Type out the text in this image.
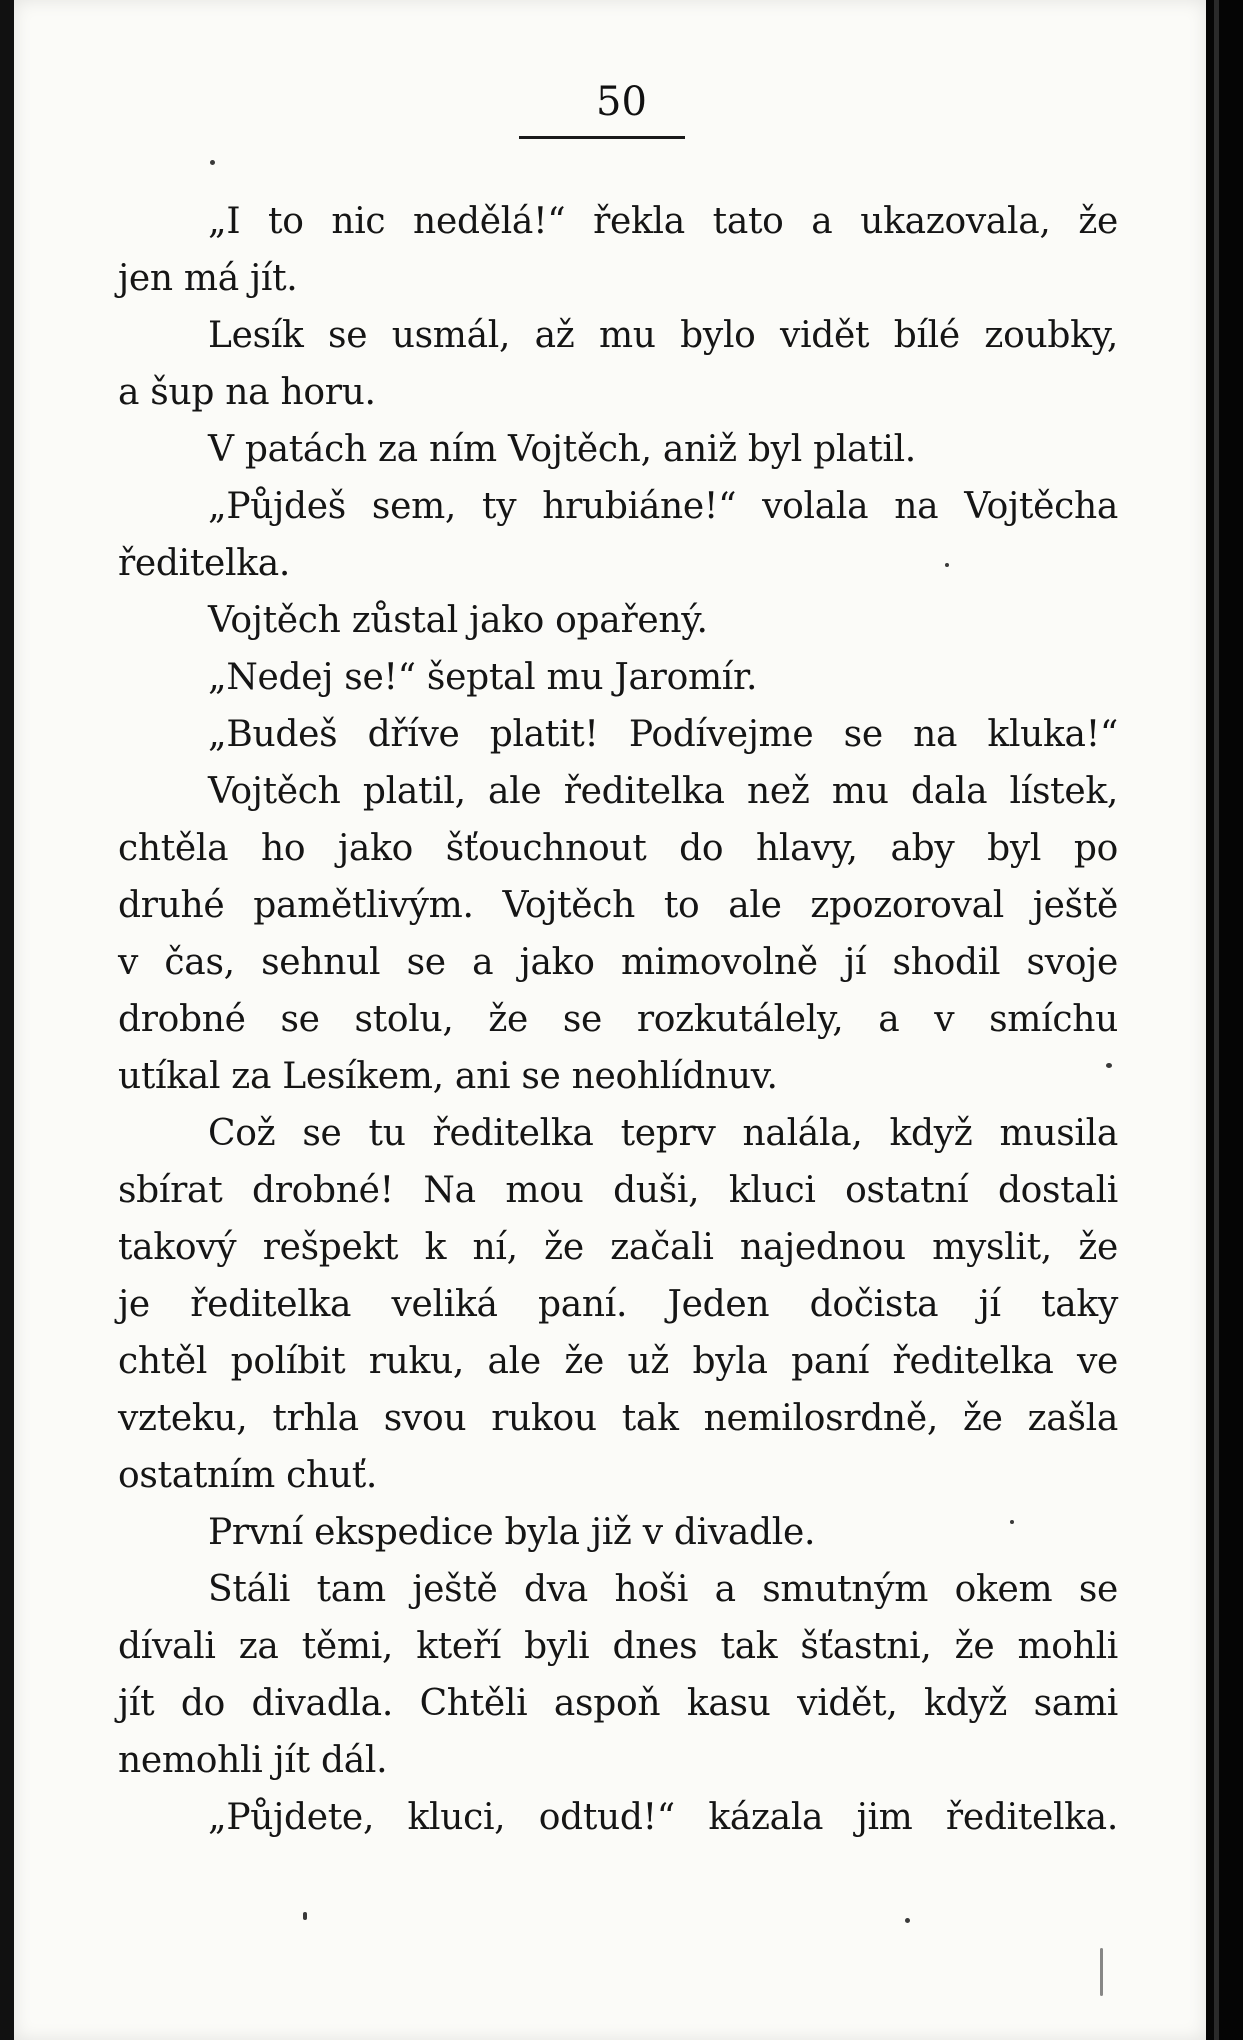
50
„I to nic nedělá!“ řekla tato a ukazovala, že
jen má jít.
Lesík se usmál, až mu bylo vidět bílé zoubky,
a šup na horu.
V patách za ním Vojtěch, aniž byl platil.
„Půjdeš sem, ty hrubiáne!“ volala na Vojtěcha
ředitelka.
Vojtěch zůstal jako opařený.
„Nedej se!“ šeptal mu Jaromír.
„Budeš dříve platit! Podívejme se na kluka!“
Vojtěch platil, ale ředitelka než mu dala lístek,
chtěla ho jako šťouchnout do hlavy, aby byl po
druhé pamětlivým. Vojtěch to ale zpozoroval ještě
v čas, sehnul se a jako mimovolně jí shodil svoje
drobné se stolu, že se rozkutálely, a v smíchu
utíkal za Lesíkem, ani se neohlídnuv.
Což se tu ředitelka teprv nalála, když musila
sbírat drobné! Na mou duši, kluci ostatní dostali
takový rešpekt k ní, že začali najednou myslit, že
je ředitelka veliká paní. Jeden dočista jí taky
chtěl políbit ruku, ale že už byla paní ředitelka ve
vzteku, trhla svou rukou tak nemilosrdně, že zašla
ostatním chuť.
První ekspedice byla již v divadle.
Stáli tam ještě dva hoši a smutným okem se
dívali za těmi, kteří byli dnes tak šťastni, že mohli
jít do divadla. Chtěli aspoň kasu vidět, když sami
nemohli jít dál.
„Půjdete, kluci, odtud!“ kázala jim ředitelka.
